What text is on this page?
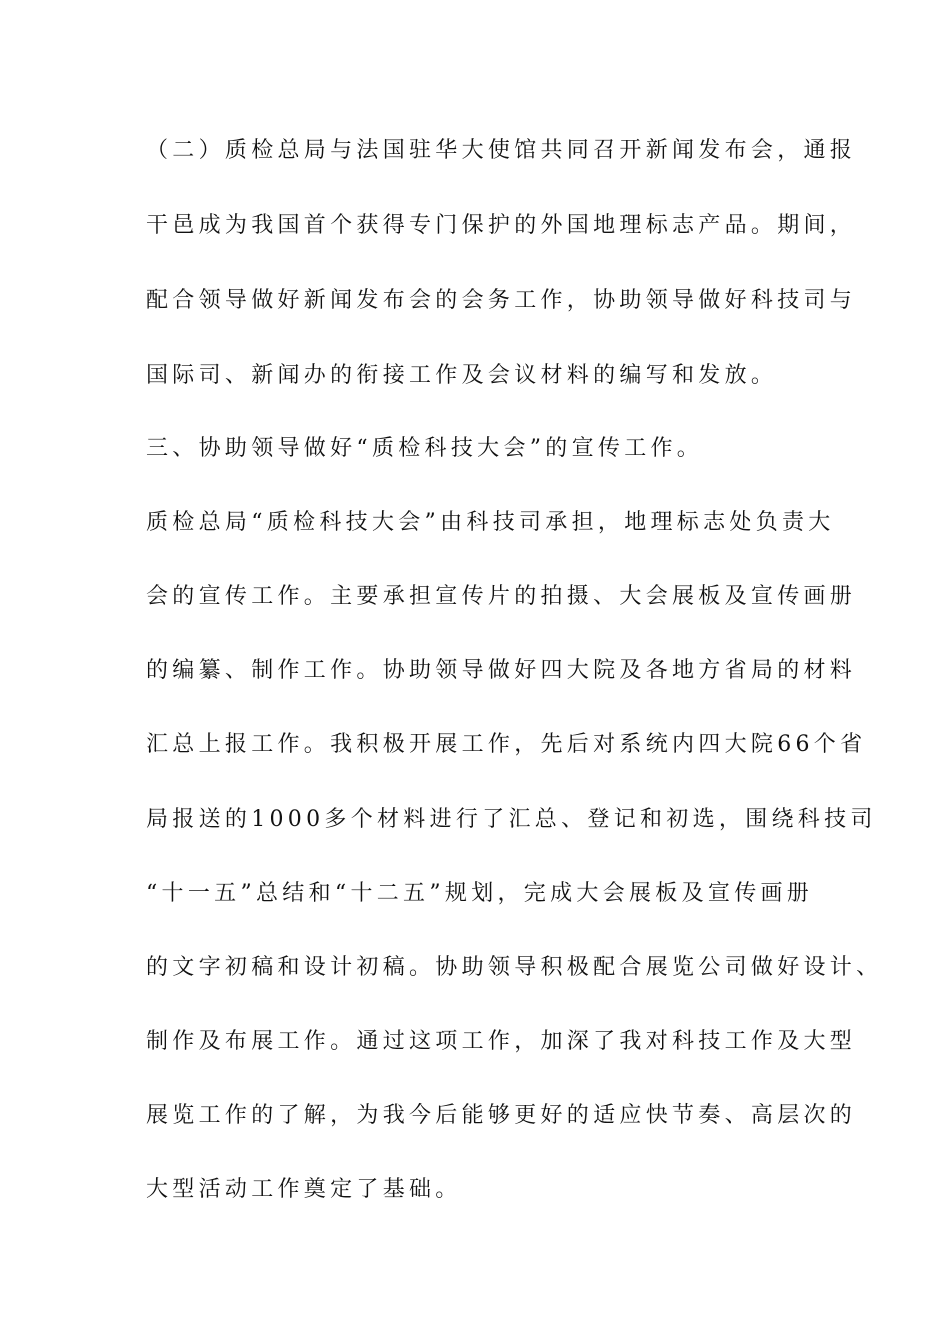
（二）质检总局与法国驻华大使馆共同召开新闻发布会，通报
干邑成为我国首个获得专门保护的外国地理标志产品。期间，
配合领导做好新闻发布会的会务工作，协助领导做好科技司与
国际司、新闻办的衔接工作及会议材料的编写和发放。
三、协助领导做好“质检科技大会”的宣传工作。
质检总局“质检科技大会”由科技司承担，地理标志处负责大
会的宣传工作。主要承担宣传片的拍摄、大会展板及宣传画册
的编纂、制作工作。协助领导做好四大院及各地方省局的材料
汇总上报工作。我积极开展工作，先后对系统内四大院66个省
局报送的1000多个材料进行了汇总、登记和初选，围绕科技司
“十一五”总结和“十二五”规划，完成大会展板及宣传画册
的文字初稿和设计初稿。协助领导积极配合展览公司做好设计、
制作及布展工作。通过这项工作，加深了我对科技工作及大型
展览工作的了解，为我今后能够更好的适应快节奏、高层次的
大型活动工作奠定了基础。
